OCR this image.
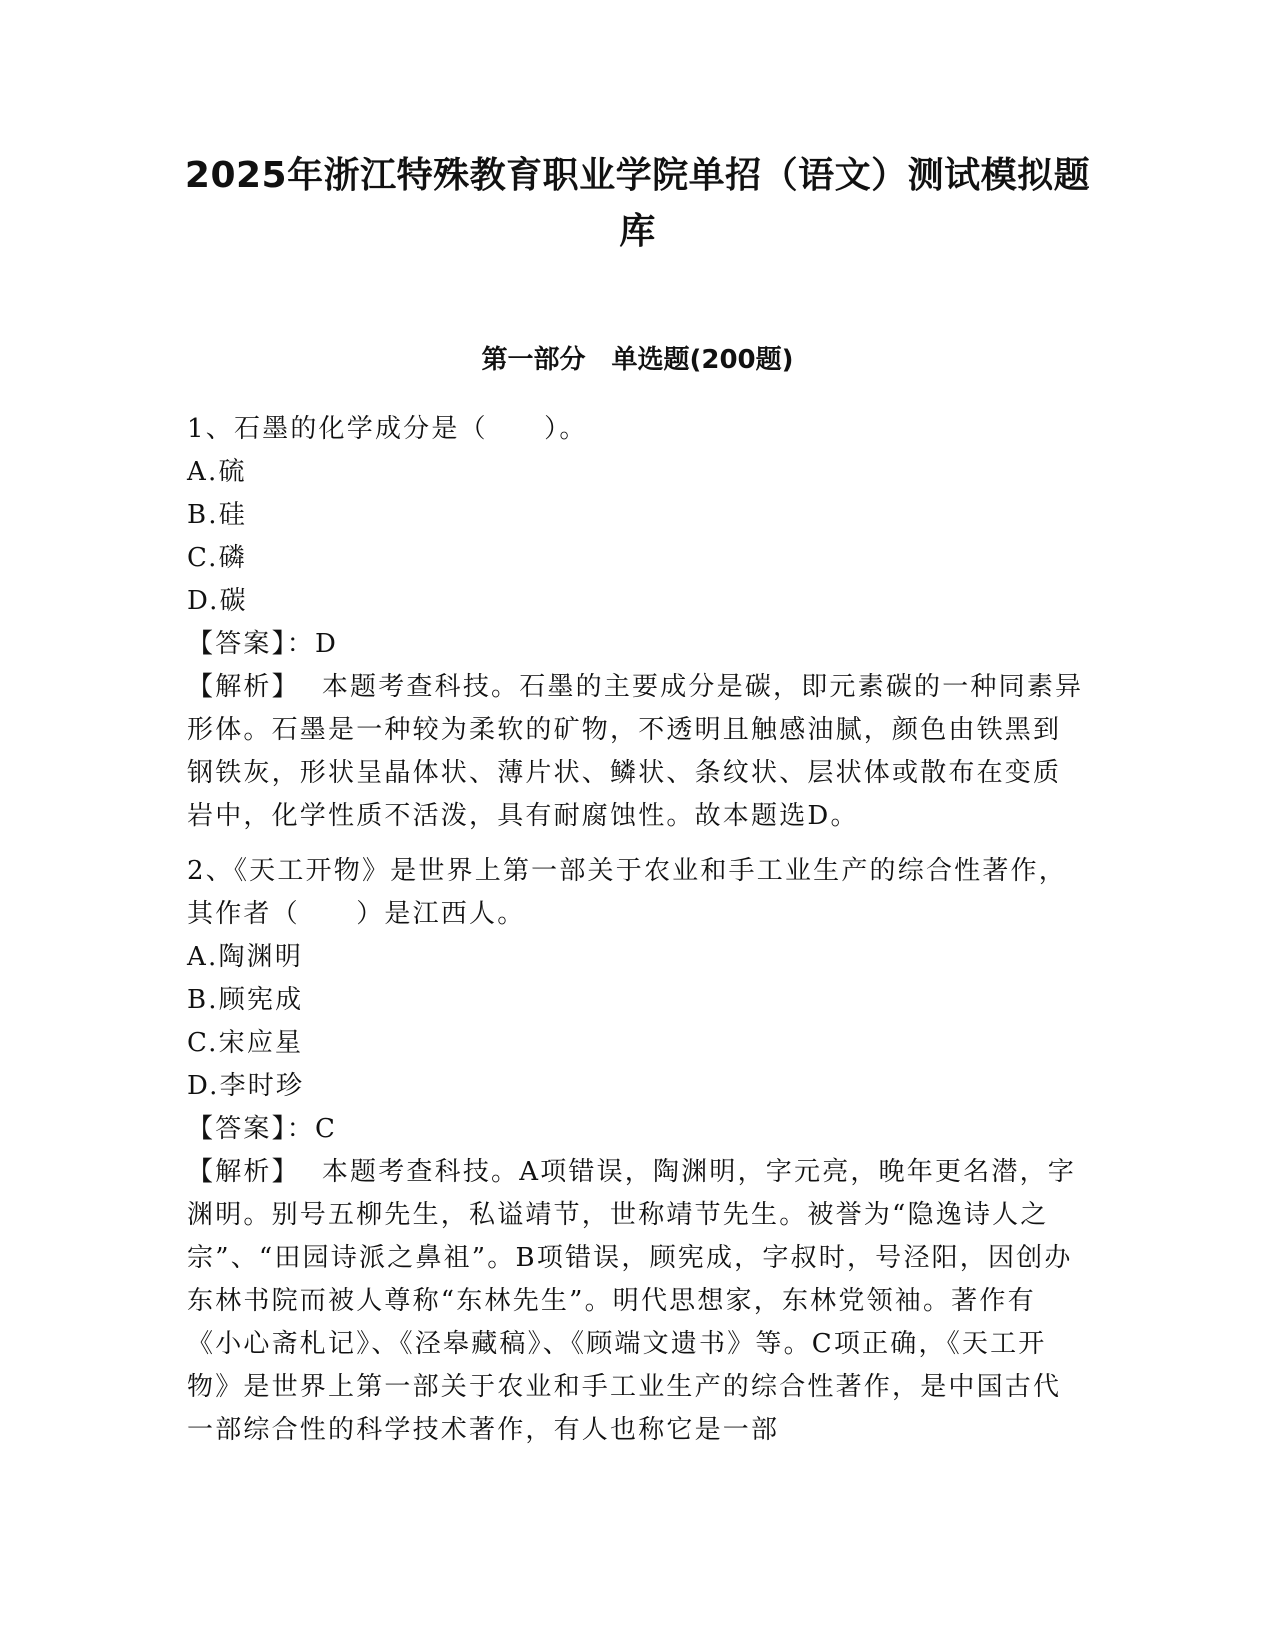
2025年浙江特殊教育职业学院单招（语文）测试模拟题库
第一部分　单选题(200题)

1、石墨的化学成分是（　　）。

A.硫

B.硅

C.磷

D.碳

【答案】：D

【解析】 本题考查科技。石墨的主要成分是碳，即元素碳的一种同素异形体。石墨是一种较为柔软的矿物，不透明且触感油腻，颜色由铁黑到钢铁灰，形状呈晶体状、薄片状、鳞状、条纹状、层状体或散布在变质岩中，化学性质不活泼，具有耐腐蚀性。故本题选D。

2、《天工开物》是世界上第一部关于农业和手工业生产的综合性著作，其作者（　　）是江西人。

A.陶渊明

B.顾宪成

C.宋应星

D.李时珍

【答案】：C

【解析】 本题考查科技。A项错误，陶渊明，字元亮，晚年更名潜，字渊明。别号五柳先生，私谥靖节，世称靖节先生。被誉为“隐逸诗人之宗”、“田园诗派之鼻祖”。B项错误，顾宪成，字叔时，号泾阳，因创办东林书院而被人尊称“东林先生”。明代思想家，东林党领袖。著作有《小心斋札记》、《泾皋藏稿》、《顾端文遗书》等。C项正确，《天工开物》是世界上第一部关于农业和手工业生产的综合性著作，是中国古代一部综合性的科学技术著作，有人也称它是一部
